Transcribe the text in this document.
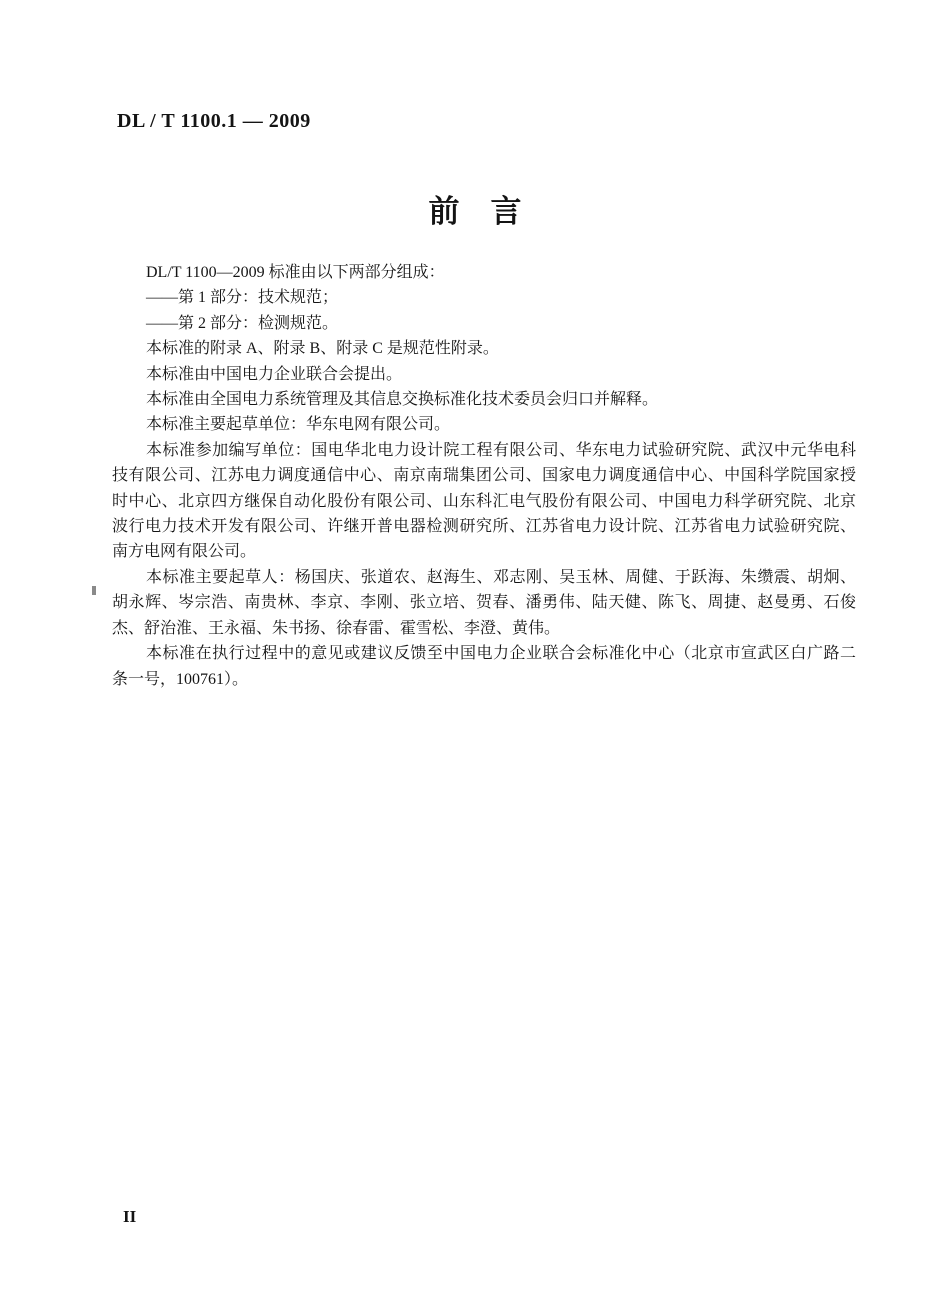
DL / T 1100.1 — 2009
前　言
DL/T 1100—2009 标准由以下两部分组成：
——第 1 部分：技术规范；
——第 2 部分：检测规范。
本标准的附录 A、附录 B、附录 C 是规范性附录。
本标准由中国电力企业联合会提出。
本标准由全国电力系统管理及其信息交换标准化技术委员会归口并解释。
本标准主要起草单位：华东电网有限公司。
本标准参加编写单位：国电华北电力设计院工程有限公司、华东电力试验研究院、武汉中元华电科
技有限公司、江苏电力调度通信中心、南京南瑞集团公司、国家电力调度通信中心、中国科学院国家授
时中心、北京四方继保自动化股份有限公司、山东科汇电气股份有限公司、中国电力科学研究院、北京
波行电力技术开发有限公司、许继开普电器检测研究所、江苏省电力设计院、江苏省电力试验研究院、
南方电网有限公司。
本标准主要起草人：杨国庆、张道农、赵海生、邓志刚、吴玉林、周健、于跃海、朱缵震、胡炯、
胡永辉、岑宗浩、南贵林、李京、李刚、张立培、贺春、潘勇伟、陆天健、陈飞、周捷、赵曼勇、石俊
杰、舒治淮、王永福、朱书扬、徐春雷、霍雪松、李澄、黄伟。
本标准在执行过程中的意见或建议反馈至中国电力企业联合会标准化中心（北京市宣武区白广路二
条一号，100761）。
II
